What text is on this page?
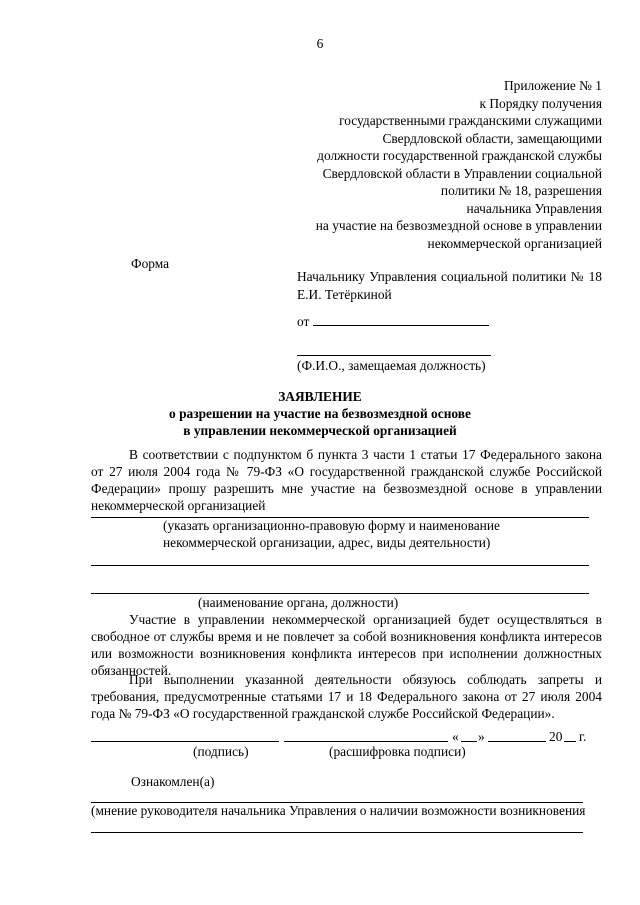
6
Приложение № 1
к Порядку получения
государственными гражданскими служащими
Свердловской области, замещающими
должности государственной гражданской службы
Свердловской области в Управлении социальной
политики № 18, разрешения
начальника Управления
на участие на безвозмездной основе в управлении
некоммерческой организацией
Форма
Начальнику Управления социальной политики № 18 Е.И. Тетёркиной
от
(Ф.И.О., замещаемая должность)
ЗАЯВЛЕНИЕ
о разрешении на участие на безвозмездной основе
в управлении некоммерческой организацией
В соответствии с подпунктом б пункта 3 части 1 статьи 17 Федерального закона от 27 июля 2004 года № 79-ФЗ «О государственной гражданской службе Российской Федерации» прошу разрешить мне участие на безвозмездной основе в управлении некоммерческой организацией
(указать организационно-правовую форму и наименование
некоммерческой организации, адрес, виды деятельности)
(наименование органа, должности)
Участие в управлении некоммерческой организацией будет осуществляться в свободное от службы время и не повлечет за собой возникновения конфликта интересов или возможности возникновения конфликта интересов при исполнении должностных обязанностей.
При выполнении указанной деятельности обязуюсь соблюдать запреты и требования, предусмотренные статьями 17 и 18 Федерального закона от 27 июля 2004 года № 79-ФЗ «О государственной гражданской службе Российской Федерации».
« »	20 г.
(подпись)	(расшифровка подписи)
Ознакомлен(а)
(мнение руководителя начальника Управления о наличии возможности возникновения
